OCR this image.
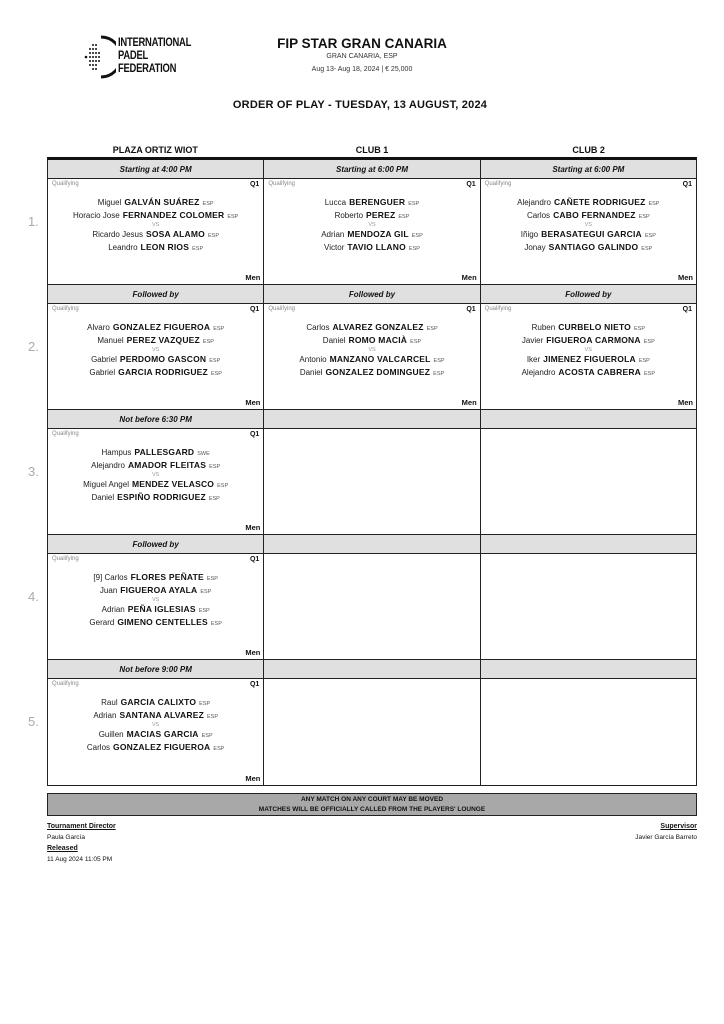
INTERNATIONAL
PADEL
FEDERATION
FIP STAR GRAN CANARIA
GRAN CANARIA, ESP
Aug 13- Aug 18, 2024 | € 25,000
ORDER OF PLAY - TUESDAY, 13 AUGUST, 2024
PLAZA ORTIZ WIOT	CLUB 1	CLUB 2
Starting at 4:00 PM	Starting at 6:00 PM	Starting at 6:00 PM
Qualifying	Q1
Miguel GALVÁN SUÁREZ ESP
Horacio Jose FERNANDEZ COLOMER ESP
VS
Ricardo Jesus SOSA ALAMO ESP
Leandro LEON RIOS ESP
Men
Qualifying	Q1
Lucca BERENGUER ESP
Roberto PEREZ ESP
VS
Adrian MENDOZA GIL ESP
Victor TAVIO LLANO ESP
Men
Qualifying	Q1
Alejandro CAÑETE RODRIGUEZ ESP
Carlos CABO FERNANDEZ ESP
VS
Iñigo BERASATEGUI GARCIA ESP
Jonay SANTIAGO GALINDO ESP
Men
Followed by	Followed by	Followed by
Qualifying	Q1
Alvaro GONZALEZ FIGUEROA ESP
Manuel PEREZ VAZQUEZ ESP
VS
Gabriel PERDOMO GASCON ESP
Gabriel GARCIA RODRIGUEZ ESP
Men
Qualifying	Q1
Carlos ALVAREZ GONZALEZ ESP
Daniel ROMO MACIÀ ESP
VS
Antonio MANZANO VALCARCEL ESP
Daniel GONZALEZ DOMINGUEZ ESP
Men
Qualifying	Q1
Ruben CURBELO NIETO ESP
Javier FIGUEROA CARMONA ESP
VS
Iker JIMENEZ FIGUEROLA ESP
Alejandro ACOSTA CABRERA ESP
Men
Not before 6:30 PM
Qualifying	Q1
Hampus PALLESGARD SWE
Alejandro AMADOR FLEITAS ESP
VS
Miguel Angel MENDEZ VELASCO ESP
Daniel ESPIÑO RODRIGUEZ ESP
Men
Followed by
Qualifying	Q1
[9] Carlos FLORES PEÑATE ESP
Juan FIGUEROA AYALA ESP
VS
Adrian PEÑA IGLESIAS ESP
Gerard GIMENO CENTELLES ESP
Men
Not before 9:00 PM
Qualifying	Q1
Raul GARCIA CALIXTO ESP
Adrian SANTANA ALVAREZ ESP
VS
Guillen MACIAS GARCIA ESP
Carlos GONZALEZ FIGUEROA ESP
Men
1.
2.
3.
4.
5.
ANY MATCH ON ANY COURT MAY BE MOVED
MATCHES WILL BE OFFICIALLY CALLED FROM THE PLAYERS' LOUNGE
Tournament Director
Paula García
Released
11 Aug 2024 11:05 PM
Supervisor
Javier García Barreto
